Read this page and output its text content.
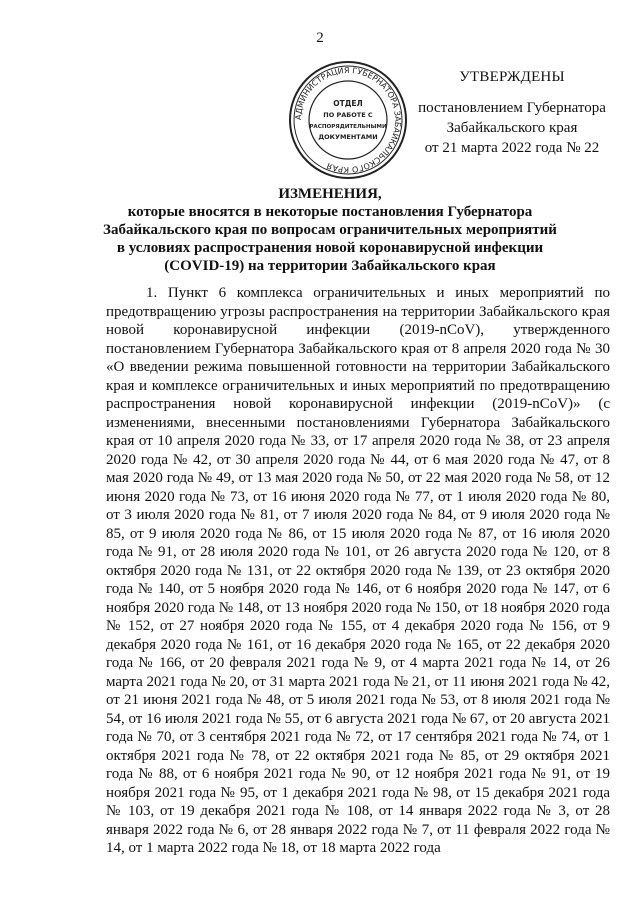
2
АДМИНИСТРАЦИЯ ГУБЕРНАТОРА ЗАБАЙКАЛЬСКОГО КРАЯ
ОТДЕЛ
ПО РАБОТЕ С
РАСПОРЯДИТЕЛЬНЫМИ
ДОКУМЕНТАМИ
УТВЕРЖДЕНЫ
постановлением Губернатора
Забайкальского края
от 21 марта 2022 года № 22
ИЗМЕНЕНИЯ,
которые вносятся в некоторые постановления Губернатора
Забайкальского края по вопросам ограничительных мероприятий
в условиях распространения новой коронавирусной инфекции
(COVID-19) на территории Забайкальского края

1. Пункт 6 комплекса ограничительных и иных мероприятий по предотвращению угрозы распространения на территории Забайкальского края новой коронавирусной инфекции (2019-nCoV), утвержденного постановлением Губернатора Забайкальского края от 8 апреля 2020 года № 30 «О введении режима повышенной готовности на территории Забайкальского края и комплексе ограничительных и иных мероприятий по предотвращению распространения новой коронавирусной инфекции (2019-nCoV)» (с изменениями, внесенными постановлениями Губернатора Забайкальского края от 10 апреля 2020 года № 33, от 17 апреля 2020 года № 38, от 23 апреля 2020 года № 42, от 30 апреля 2020 года № 44, от 6 мая 2020 года № 47, от 8 мая 2020 года № 49, от 13 мая 2020 года № 50, от 22 мая 2020 года № 58, от 12 июня 2020 года № 73, от 16 июня 2020 года № 77, от 1 июля 2020 года № 80, от 3 июля 2020 года № 81, от 7 июля 2020 года № 84, от 9 июля 2020 года № 85, от 9 июля 2020 года № 86, от 15 июля 2020 года № 87, от 16 июля 2020 года № 91, от 28 июля 2020 года № 101, от 26 августа 2020 года № 120, от 8 октября 2020 года № 131, от 22 октября 2020 года № 139, от 23 октября 2020 года № 140, от 5 ноября 2020 года № 146, от 6 ноября 2020 года № 147, от 6 ноября 2020 года № 148, от 13 ноября 2020 года № 150, от 18 ноября 2020 года № 152, от 27 ноября 2020 года № 155, от 4 декабря 2020 года № 156, от 9 декабря 2020 года № 161, от 16 декабря 2020 года № 165, от 22 декабря 2020 года № 166, от 20 февраля 2021 года № 9, от 4 марта 2021 года № 14, от 26 марта 2021 года № 20, от 31 марта 2021 года № 21, от 11 июня 2021 года № 42, от 21 июня 2021 года № 48, от 5 июля 2021 года № 53, от 8 июля 2021 года № 54, от 16 июля 2021 года № 55, от 6 августа 2021 года № 67, от 20 августа 2021 года № 70, от 3 сентября 2021 года № 72, от 17 сентября 2021 года № 74, от 1 октября 2021 года № 78, от 22 октября 2021 года № 85, от 29 октября 2021 года № 88, от 6 ноября 2021 года № 90, от 12 ноября 2021 года № 91, от 19 ноября 2021 года № 95, от 1 декабря 2021 года № 98, от 15 декабря 2021 года № 103, от 19 декабря 2021 года № 108, от 14 января 2022 года № 3, от 28 января 2022 года № 6, от 28 января 2022 года № 7, от 11 февраля 2022 года № 14, от 1 марта 2022 года № 18, от 18 марта 2022 года
